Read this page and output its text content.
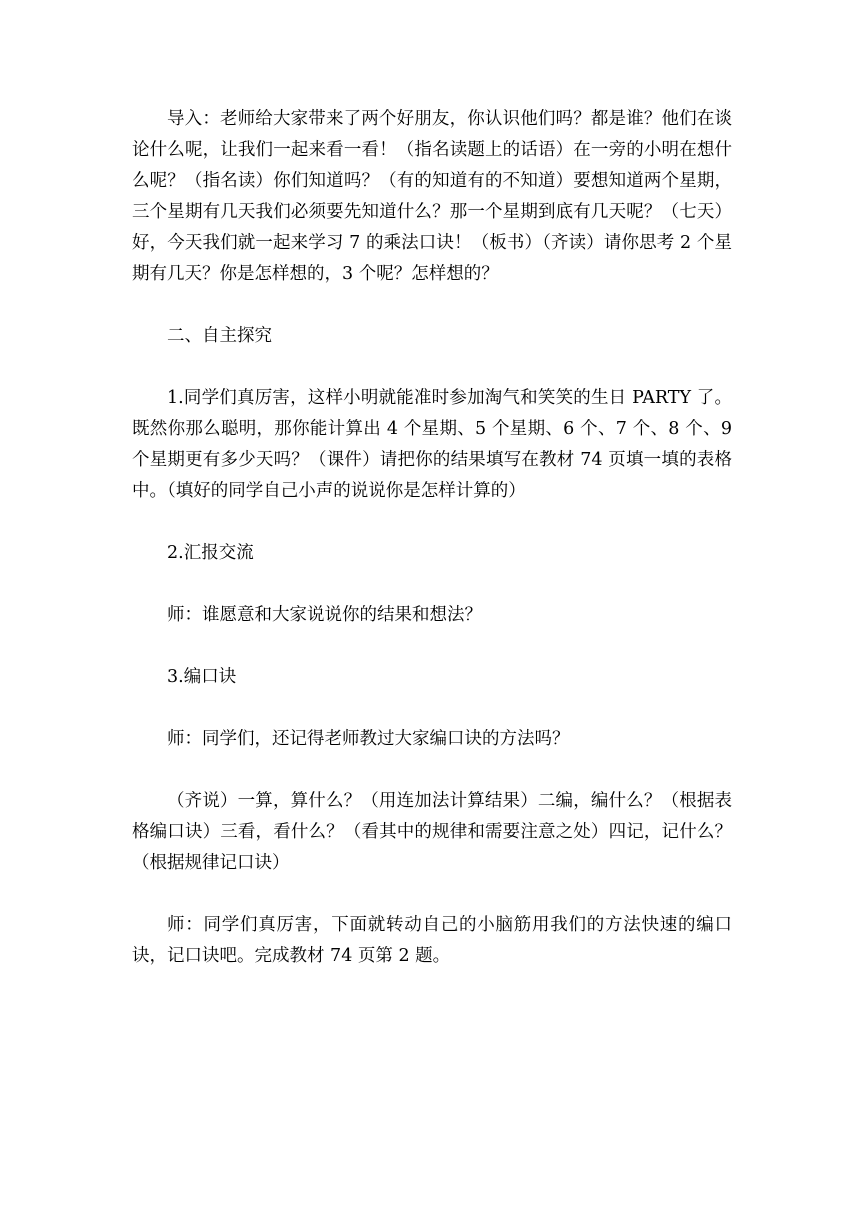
导入：老师给大家带来了两个好朋友，你认识他们吗？都是谁？他们在谈论什么呢，让我们一起来看一看！（指名读题上的话语）在一旁的小明在想什么呢？（指名读）你们知道吗？（有的知道有的不知道）要想知道两个星期，三个星期有几天我们必须要先知道什么？那一个星期到底有几天呢？（七天）好，今天我们就一起来学习 7 的乘法口诀！（板书）（齐读）请你思考 2 个星期有几天？你是怎样想的，3 个呢？怎样想的？

二、自主探究

1.同学们真厉害，这样小明就能准时参加淘气和笑笑的生日 PARTY 了。既然你那么聪明，那你能计算出 4 个星期、5 个星期、6 个、7 个、8 个、9 个星期更有多少天吗？（课件）请把你的结果填写在教材 74 页填一填的表格中。（填好的同学自己小声的说说你是怎样计算的）

2.汇报交流

师：谁愿意和大家说说你的结果和想法？

3.编口诀

师：同学们，还记得老师教过大家编口诀的方法吗？

（齐说）一算，算什么？（用连加法计算结果）二编，编什么？（根据表格编口诀）三看，看什么？（看其中的规律和需要注意之处）四记，记什么？（根据规律记口诀）

师：同学们真厉害，下面就转动自己的小脑筋用我们的方法快速的编口诀，记口诀吧。完成教材 74 页第 2 题。
